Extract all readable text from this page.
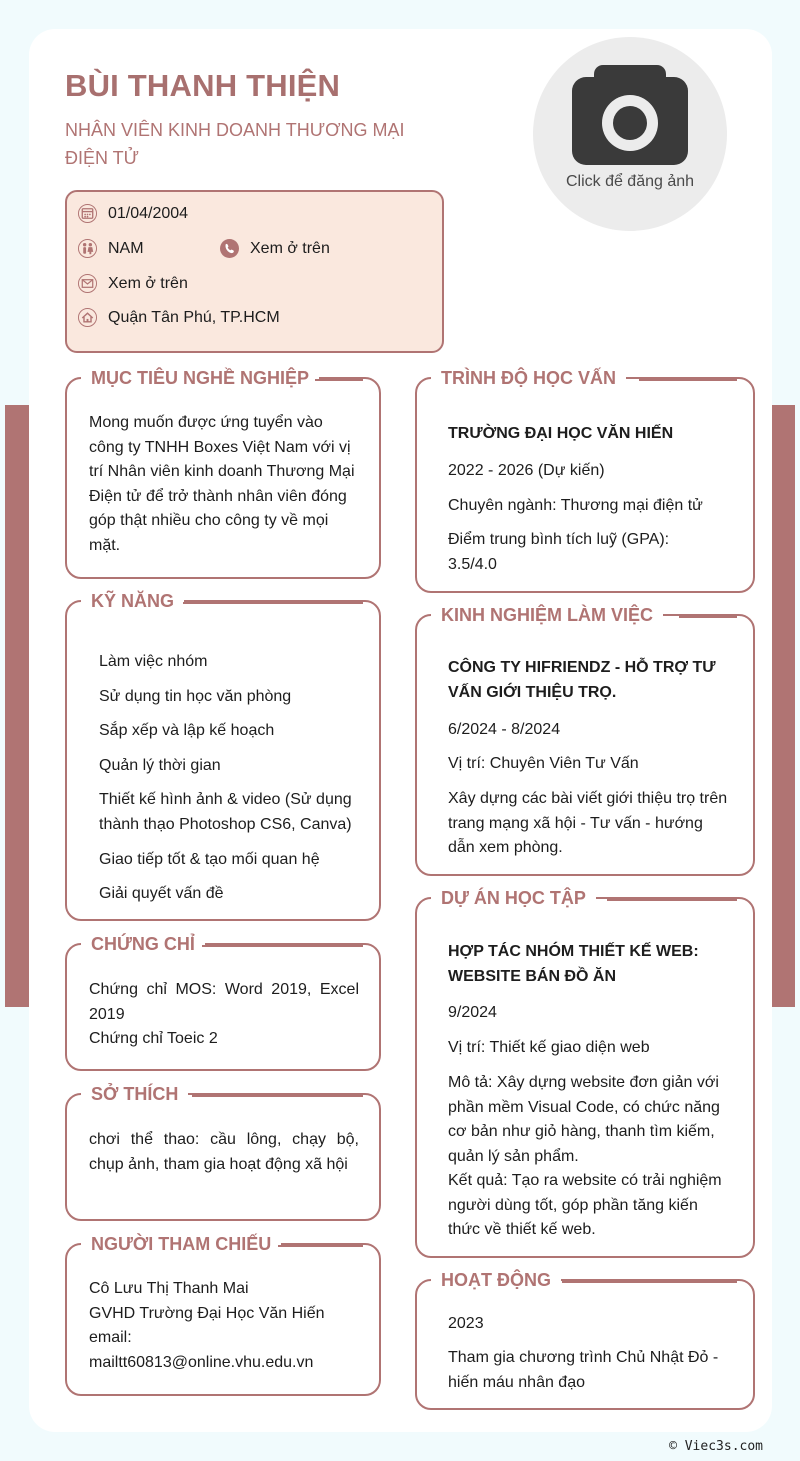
BÙI THANH THIỆN
NHÂN VIÊN KINH DOANH THƯƠNG MẠI ĐIỆN TỬ
Click để đăng ảnh
01/04/2004
NAM	Xem ở trên
Xem ở trên
Quận Tân Phú, TP.HCM
MỤC TIÊU NGHỀ NGHIỆP
Mong muốn được ứng tuyển vào công ty TNHH Boxes Việt Nam với vị trí Nhân viên kinh doanh Thương Mại Điện tử để trở thành nhân viên đóng góp thật nhiều cho công ty về mọi mặt.
KỸ NĂNG
Làm việc nhóm
Sử dụng tin học văn phòng
Sắp xếp và lập kế hoạch
Quản lý thời gian
Thiết kế hình ảnh & video (Sử dụng thành thạo Photoshop CS6, Canva)
Giao tiếp tốt & tạo mối quan hệ
Giải quyết vấn đề
CHỨNG CHỈ
Chứng chỉ MOS: Word 2019, Excel 2019
Chứng chỉ Toeic 2
SỞ THÍCH
chơi thể thao: cầu lông, chạy bộ, chụp ảnh, tham gia hoạt động xã hội
NGƯỜI THAM CHIẾU
Cô Lưu Thị Thanh Mai
GVHD Trường Đại Học Văn Hiến
email:
mailtt60813@online.vhu.edu.vn
TRÌNH ĐỘ HỌC VẤN
TRƯỜNG ĐẠI HỌC VĂN HIẾN
2022 - 2026 (Dự kiến)
Chuyên ngành: Thương mại điện tử
Điểm trung bình tích luỹ (GPA): 3.5/4.0
KINH NGHIỆM LÀM VIỆC
CÔNG TY HIFRIENDZ - HỖ TRỢ TƯ VẤN GIỚI THIỆU TRỌ.
6/2024 - 8/2024
Vị trí: Chuyên Viên Tư Vấn
Xây dựng các bài viết giới thiệu trọ trên trang mạng xã hội - Tư vấn - hướng dẫn xem phòng.
DỰ ÁN HỌC TẬP
HỢP TÁC NHÓM THIẾT KẾ WEB: WEBSITE BÁN ĐỒ ĂN
9/2024
Vị trí: Thiết kế giao diện web
Mô tả: Xây dựng website đơn giản với phần mềm Visual Code, có chức năng cơ bản như giỏ hàng, thanh tìm kiếm, quản lý sản phẩm.
Kết quả: Tạo ra website có trải nghiệm người dùng tốt, góp phần tăng kiến thức về thiết kế web.
HOẠT ĐỘNG
2023
Tham gia chương trình Chủ Nhật Đỏ - hiến máu nhân đạo
© Viec3s.com
